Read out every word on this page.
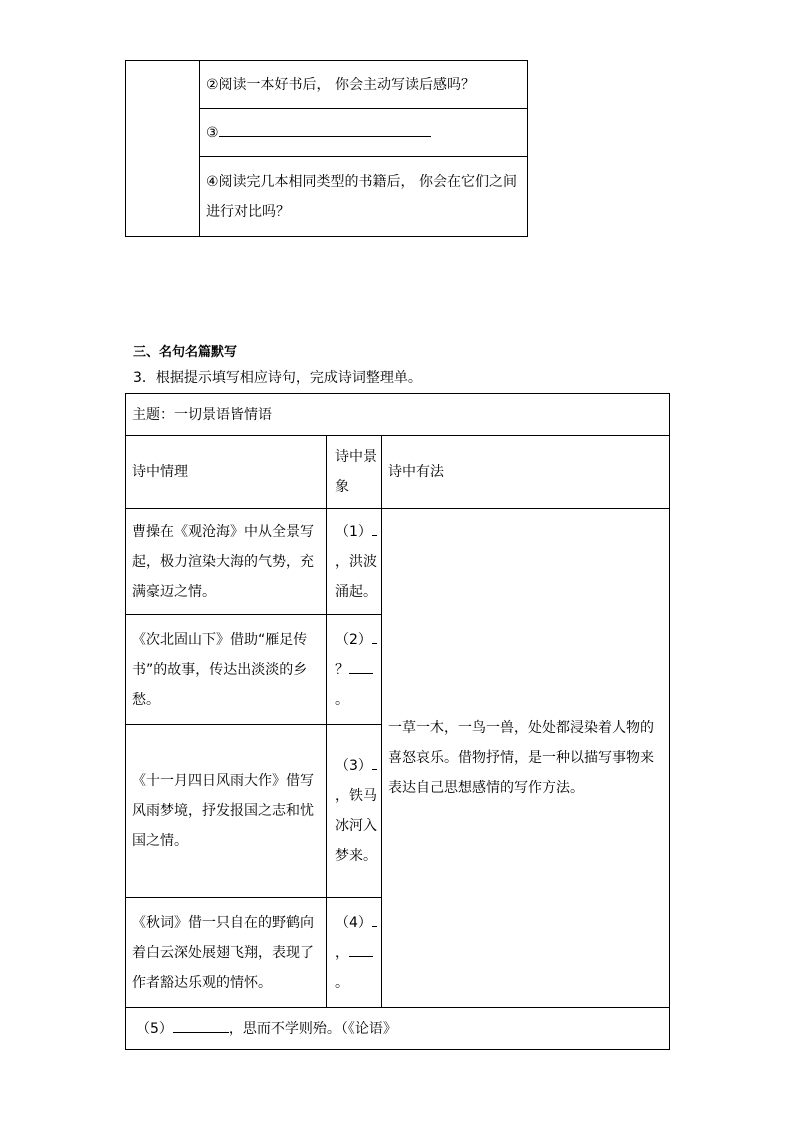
	②阅读一本好书后， 你会主动写读后感吗？
③
④阅读完几本相同类型的书籍后， 你会在它们之间进行对比吗？

三、名句名篇默写

3．根据提示填写相应诗句，完成诗词整理单。

主题：一切景语皆情语		
诗中情理	诗中景象	诗中有法
曹操在《观沧海》中从全景写起，极力渲染大海的气势，充满豪迈之情。	（1），洪波涌起。	一草一木，一鸟一兽，处处都浸染着人物的喜怒哀乐。借物抒情，是一种以描写事物来表达自己思想感情的写作方法。
《次北固山下》借助“雁足传书”的故事，传达出淡淡的乡愁。	（2）？。	
《十一月四日风雨大作》借写风雨梦境，抒发报国之志和忧国之情。	（3），铁马冰河入梦来。	
《秋词》借一只自在的野鹤向着白云深处展翅飞翔，表现了作者豁达乐观的情怀。	（4），。	
（5） ，思而不学则殆。（《论语》		
